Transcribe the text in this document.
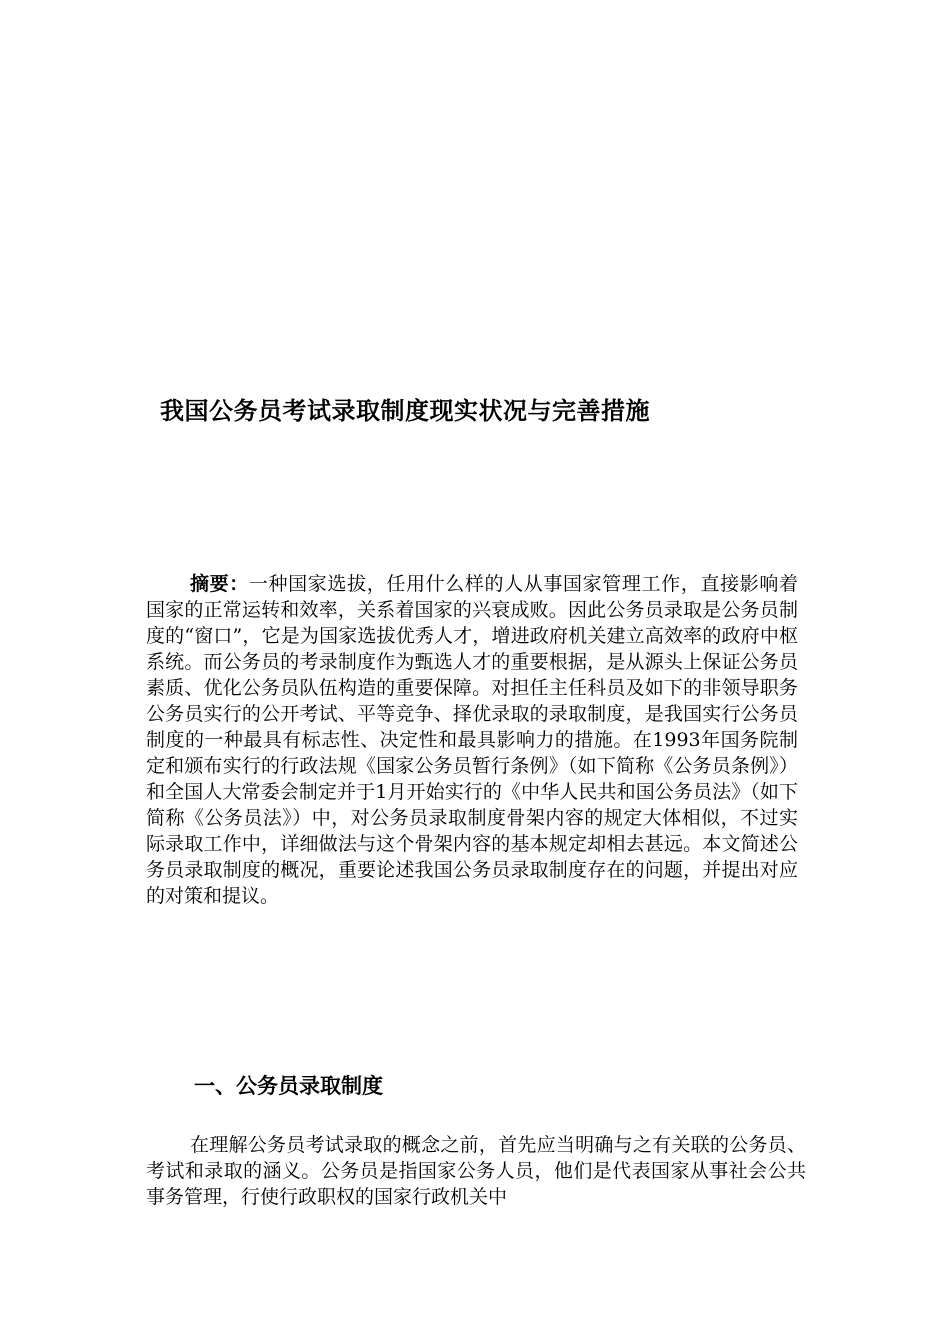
我国公务员考试录取制度现实状况与完善措施

摘要：一种国家选拔，任用什么样的人从事国家管理工作，直接影响着国家的正常运转和效率，关系着国家的兴衰成败。因此公务员录取是公务员制度的“窗口”，它是为国家选拔优秀人才，增进政府机关建立高效率的政府中枢系统。而公务员的考录制度作为甄选人才的重要根据，是从源头上保证公务员素质、优化公务员队伍构造的重要保障。对担任主任科员及如下的非领导职务公务员实行的公开考试、平等竞争、择优录取的录取制度，是我国实行公务员制度的一种最具有标志性、决定性和最具影响力的措施。在1993年国务院制定和颁布实行的行政法规《国家公务员暂行条例》（如下简称《公务员条例》）和全国人大常委会制定并于1月开始实行的《中华人民共和国公务员法》（如下简称《公务员法》）中，对公务员录取制度骨架内容的规定大体相似，不过实际录取工作中，详细做法与这个骨架内容的基本规定却相去甚远。本文简述公务员录取制度的概况，重要论述我国公务员录取制度存在的问题，并提出对应的对策和提议。

一、公务员录取制度

在理解公务员考试录取的概念之前，首先应当明确与之有关联的公务员、考试和录取的涵义。公务员是指国家公务人员，他们是代表国家从事社会公共事务管理，行使行政职权的国家行政机关中
